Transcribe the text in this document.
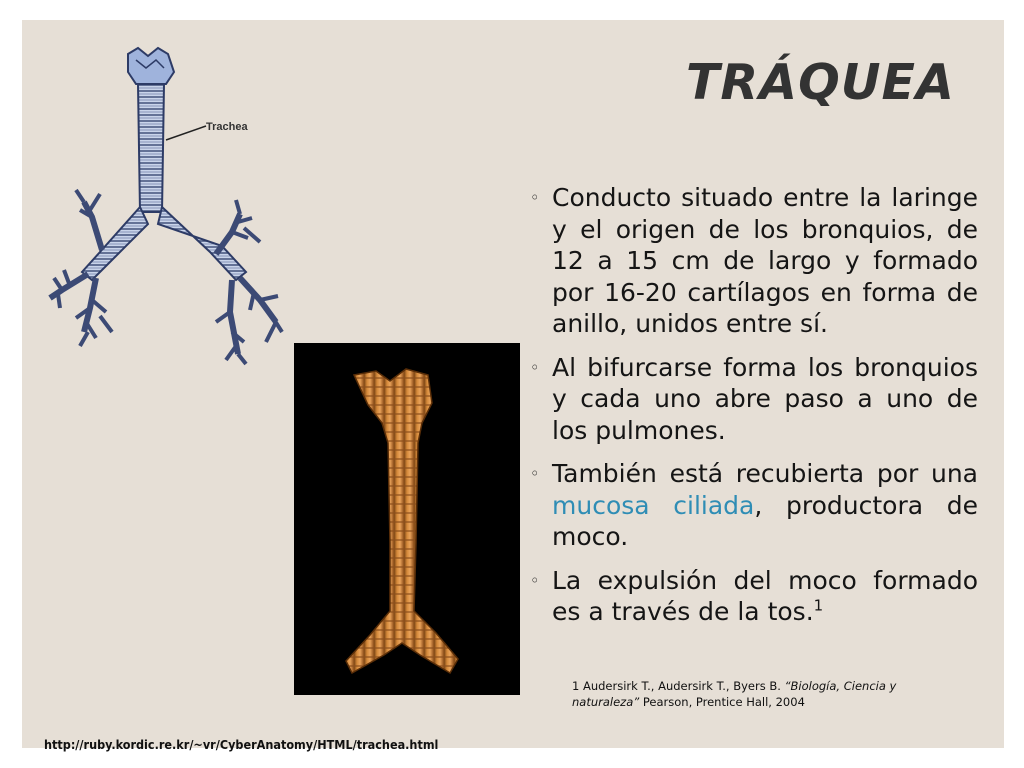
Trachea
TRÁQUEA
◦ Conducto situado entre la laringe y el origen de los bronquios, de 12 a 15 cm de largo y formado por 16-20 cartílagos en forma de anillo, unidos entre sí.
◦ Al bifurcarse forma los bronquios y cada uno abre paso a uno de los pulmones.
◦ También está recubierta por una mucosa ciliada, productora de moco.
◦ La expulsión del moco formado es a través de la tos.$^1$
1 Audersirk T., Audersirk T., Byers B. “Biología, Ciencia y naturaleza” Pearson, Prentice Hall, 2004
http://ruby.kordic.re.kr/~vr/CyberAnatomy/HTML/trachea.html
